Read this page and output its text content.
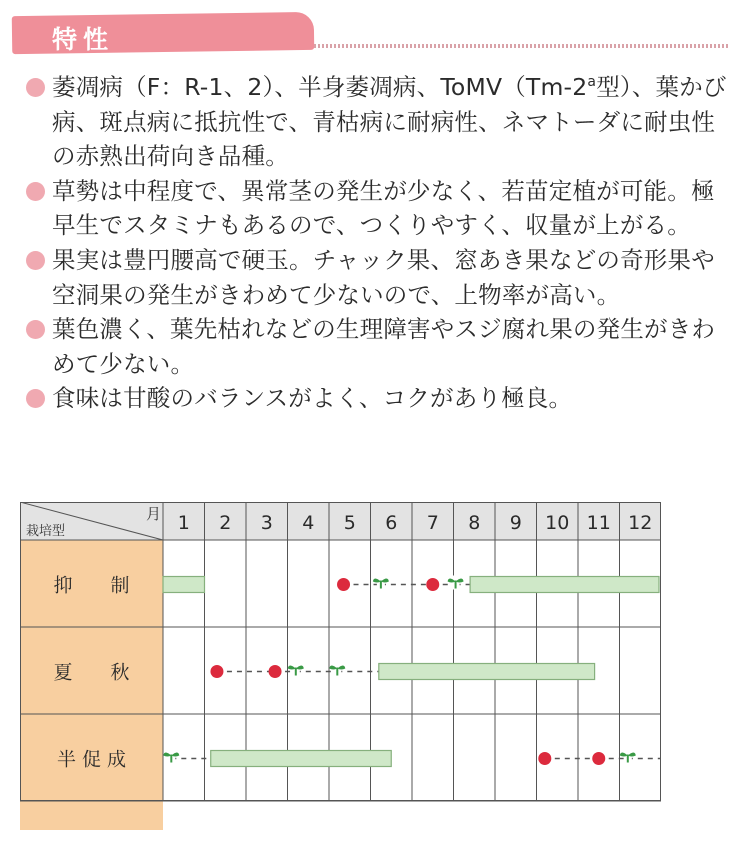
特性
萎凋病（F：R-1、2）、半身萎凋病、ToMV（Tm-2$^a$型）、葉かび病、斑点病に抵抗性で、青枯病に耐病性、ネマトーダに耐虫性の赤熟出荷向き品種。
草勢は中程度で、異常茎の発生が少なく、若苗定植が可能。極早生でスタミナもあるので、つくりやすく、収量が上がる。
果実は豊円腰高で硬玉。チャック果、窓あき果などの奇形果や空洞果の発生がきわめて少ないので、上物率が高い。
葉色濃く、葉先枯れなどの生理障害やスジ腐れ果の発生がきわめて少ない。
食味は甘酸のバランスがよく、コクがあり極良。
月
栽培型	1 2 3 4 5 6 7 8 9 10 11 12
抑　　制
夏　　秋
半 促 成
